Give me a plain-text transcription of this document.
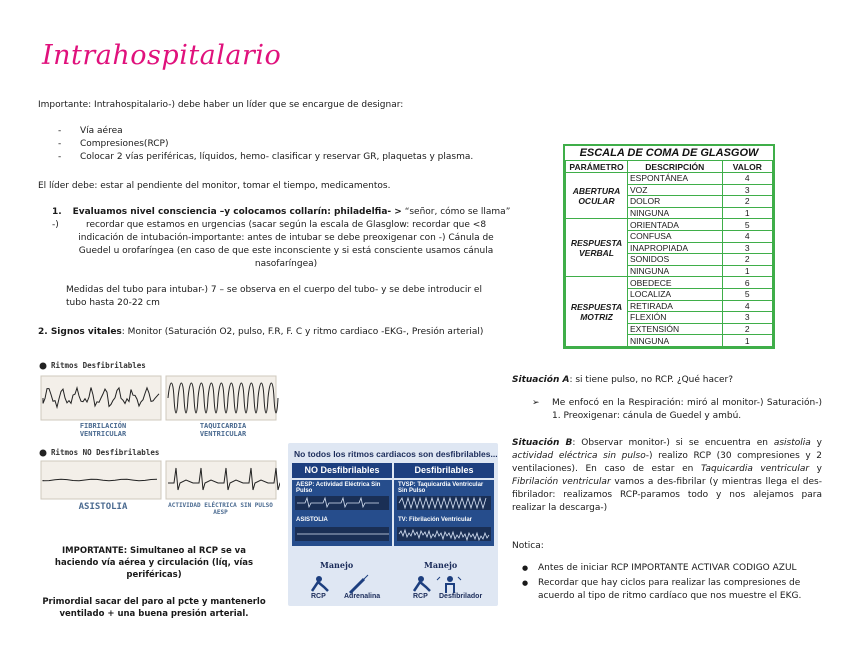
Intrahospitalario
Importante: Intrahospitalario-) debe haber un líder que se encargue de designar:
- Vía aérea
- Compresiones(RCP)
- Colocar 2 vías periféricas, líquidos, hemo- clasificar y reservar GR, plaquetas y plasma.
El líder debe: estar al pendiente del monitor, tomar el tiempo, medicamentos.
1. Evaluamos nivel consciencia –y colocamos collarín: philadelfia- > “señor, cómo se llama” -)	recordar que estamos en urgencias (sacar según la escala de Glasglow: recordar que <8
indicación de intubación-importante: antes de intubar se debe preoxigenar con -) Cánula de
Guedel u orofaríngea (en caso de que este inconsciente y si está consciente usamos cánula
nasofaríngea)
Medidas del tubo para intubar-) 7 – se observa en el cuerpo del tubo- y se debe introducir el
tubo hasta 20-22 cm
2. Signos vitales: Monitor (Saturación O2, pulso, F.R, F. C y ritmo cardiaco -EKG-, Presión arterial)
Ritmos Desfibrilables
FIBRILACIÓN VENTRICULAR
TAQUICARDIA VENTRICULAR
Ritmos NO Desfibrilables
ASISTOLIA	ACTIVIDAD ELÉCTRICA SIN PULSO AESP
IMPORTANTE: Simultaneo al RCP se va haciendo vía aérea y circulación (líq, vías periféricas)
Primordial sacar del paro al pcte y mantenerlo ventilado + una buena presión arterial.
No todos los ritmos cardiacos son desfibrilables...
NO Desfibrilables	Desfibrilables
AESP: Actividad Eléctrica Sin Pulso
TVSP: Taquicardia Ventricular Sin Pulso
ASISTOLIA	TV: Fibrilación Ventricular
Manejo	Manejo
RCP	Adrenalina	RCP Desfibrilador
ESCALA DE COMA DE GLASGOW
PARÁMETRO	DESCRIPCIÓN	VALOR
ABERTURA OCULAR	ESPONTÁNEA	4
	VOZ	3
	DOLOR	2
	NINGUNA	1
RESPUESTA VERBAL	ORIENTADA	5
	CONFUSA	4
	INAPROPIADA	3
	SONIDOS	2
	NINGUNA	1
RESPUESTA MOTRIZ	OBEDECE	6
	LOCALIZA	5
	RETIRADA	4
	FLEXIÓN	3
	EXTENSIÓN	2
	NINGUNA	1
Situación A: si tiene pulso, no RCP. ¿Qué hacer?
➢ Me enfocó en la Respiración: miró al monitor-) Saturación-) 1. Preoxigenar: cánula de Guedel y ambú.
Situación B: Observar monitor-) si se encuentra en asistolia y actividad eléctrica sin pulso-) realizo RCP (30 compresiones y 2 ventilaciones). En caso de estar en Taquicardia ventricular y Fibrilación ventricular vamos a des-fibrilar (y mientras llega el des-fibrilador: realizamos RCP-paramos todo y nos alejamos para realizar la descarga-)
Notica:
● Antes de iniciar RCP IMPORTANTE ACTIVAR CODIGO AZUL
● Recordar que hay ciclos para realizar las compresiones de acuerdo al tipo de ritmo cardíaco que nos muestre el EKG.
